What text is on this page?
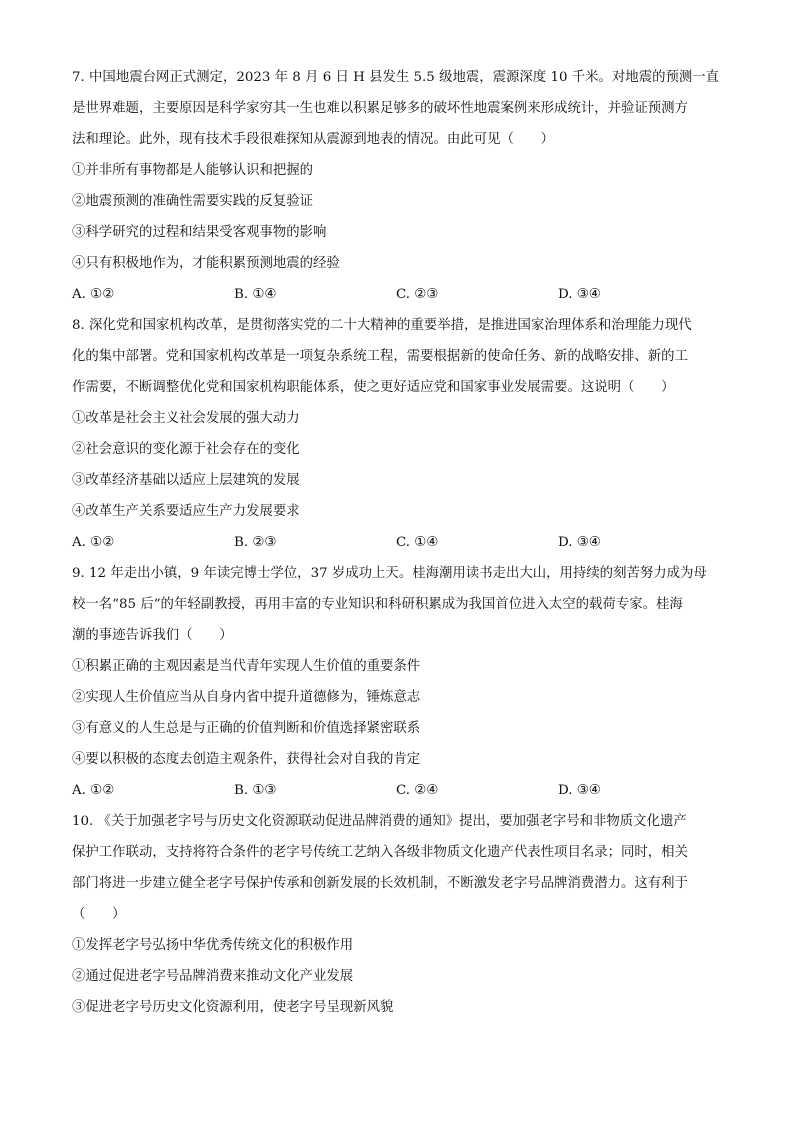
7. 中国地震台网正式测定，2023 年 8 月 6 日 H 县发生 5.5 级地震，震源深度 10 千米。对地震的预测一直
是世界难题，主要原因是科学家穷其一生也难以积累足够多的破坏性地震案例来形成统计，并验证预测方
法和理论。此外，现有技术手段很难探知从震源到地表的情况。由此可见（　　）
①并非所有事物都是人能够认识和把握的
②地震预测的准确性需要实践的反复验证
③科学研究的过程和结果受客观事物的影响
④只有积极地作为，才能积累预测地震的经验
A. ①②	B. ①④	C. ②③	D. ③④
8. 深化党和国家机构改革，是贯彻落实党的二十大精神的重要举措，是推进国家治理体系和治理能力现代
化的集中部署。党和国家机构改革是一项复杂系统工程，需要根据新的使命任务、新的战略安排、新的工
作需要，不断调整优化党和国家机构职能体系，使之更好适应党和国家事业发展需要。这说明（　　）
①改革是社会主义社会发展的强大动力
②社会意识的变化源于社会存在的变化
③改革经济基础以适应上层建筑的发展
④改革生产关系要适应生产力发展要求
A. ①②	B. ②③	C. ①④	D. ③④
9. 12 年走出小镇，9 年读完博士学位，37 岁成功上天。桂海潮用读书走出大山，用持续的刻苦努力成为母
校一名“85 后”的年轻副教授，再用丰富的专业知识和科研积累成为我国首位进入太空的载荷专家。桂海
潮的事迹告诉我们（　　）
①积累正确的主观因素是当代青年实现人生价值的重要条件
②实现人生价值应当从自身内省中提升道德修为，锤炼意志
③有意义的人生总是与正确的价值判断和价值选择紧密联系
④要以积极的态度去创造主观条件，获得社会对自我的肯定
A. ①②	B. ①③	C. ②④	D. ③④
10. 《关于加强老字号与历史文化资源联动促进品牌消费的通知》提出，要加强老字号和非物质文化遗产
保护工作联动，支持将符合条件的老字号传统工艺纳入各级非物质文化遗产代表性项目名录；同时，相关
部门将进一步建立健全老字号保护传承和创新发展的长效机制，不断激发老字号品牌消费潜力。这有利于
（　　）
①发挥老字号弘扬中华优秀传统文化的积极作用
②通过促进老字号品牌消费来推动文化产业发展
③促进老字号历史文化资源利用，使老字号呈现新风貌
